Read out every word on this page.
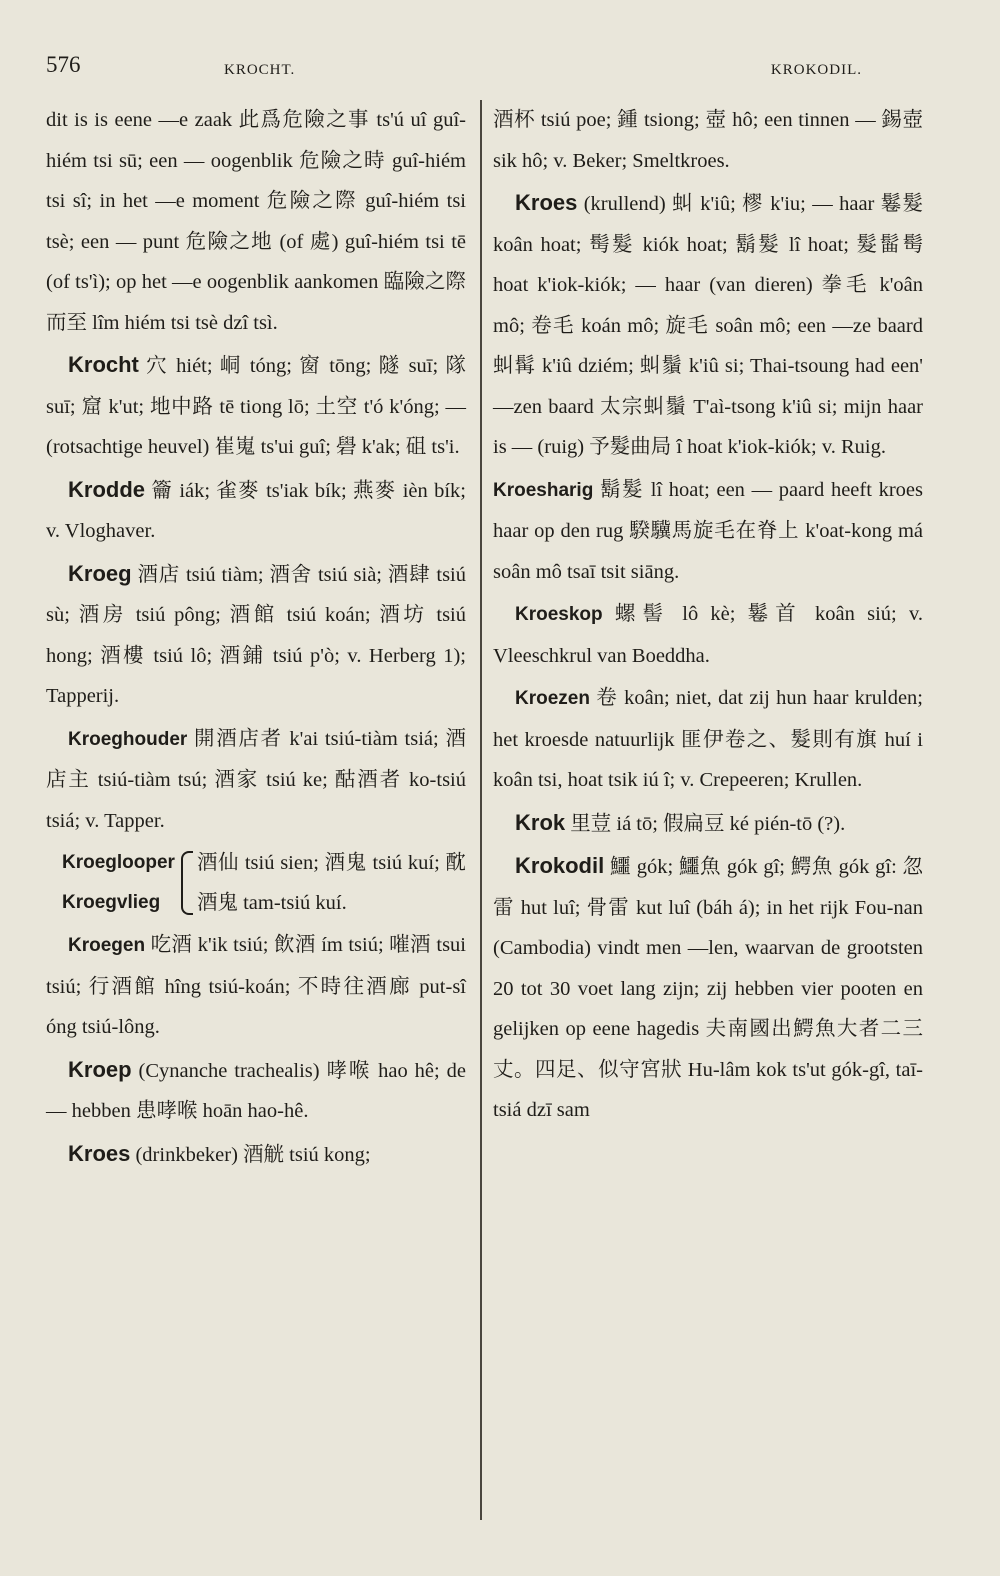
576	KROCHT.	KROKODIL.

dit is is eene —e zaak 此爲危險之事 ts'ú uî guî-hiém tsi sū; een — oogenblik 危險之時 guî-hiém tsi sî; in het —e moment 危險之際 guî-hiém tsi tsè; een — punt 危險之地 (of 處) guî-hiém tsi tē (of ts'ì); op het —e oogenblik aankomen 臨險之際而至 lîm hiém tsi tsè dzî tsì.

Krocht 穴 hiét; 峒 tóng; 窗 tōng; 隧 suī; 隊 suī; 窟 k'ut; 地中路 tē tiong lō; 土空 t'ó k'óng; — (rotsachtige heuvel) 崔嵬 ts'ui guî; 礐 k'ak; 砠 ts'i.

Krodde 籥 iák; 雀麥 ts'iak bík; 燕麥 ièn bík; v. Vloghaver.

Kroeg 酒店 tsiú tiàm; 酒舍 tsiú sià; 酒肆 tsiú sù; 酒房 tsiú pông; 酒館 tsiú koán; 酒坊 tsiú hong; 酒樓 tsiú lô; 酒鋪 tsiú p'ò; v. Herberg 1); Tapperij.

Kroeghouder 開酒店者 k'ai tsiú-tiàm tsiá; 酒店主 tsiú-tiàm tsú; 酒家 tsiú ke; 酤酒者 ko-tsiú tsiá; v. Tapper.

Kroeglooper
Kroegvlieg
酒仙 tsiú sien; 酒鬼 tsiú kuí; 酖酒鬼 tam-tsiú kuí.

Kroegen 吃酒 k'ik tsiú; 飲酒 ím tsiú; 嗺酒 tsui tsiú; 行酒館 hîng tsiú-koán; 不時往酒廊 put-sî óng tsiú-lông.

Kroep (Cynanche trachealis) 哮喉 hao hê; de — hebben 患哮喉 hoān hao-hê.

Kroes (drinkbeker) 酒觥 tsiú kong;

酒杯 tsiú poe; 鍾 tsiong; 壺 hô; een tinnen — 錫壺 sik hô; v. Beker; Smeltkroes.

Kroes (krullend) 虯 k'iû; 樛 k'iu; — haar 鬈髮 koân hoat; 髩髮 kiók hoat; 鬍髮 lî hoat; 髮髷髩 hoat k'iok-kiók; — haar (van dieren) 拳毛 k'oân mô; 卷毛 koán mô; 旋毛 soân mô; een —ze baard 虯髯 k'iû dziém; 虯鬚 k'iû si; Thai-tsoung had een' —zen baard 太宗虯鬚 T'aì-tsong k'iû si; mijn haar is — (ruig) 予髮曲局 î hoat k'iok-kiók; v. Ruig.

Kroesharig 鬍髮 lî hoat; een — paard heeft kroes haar op den rug 騤驥馬旋毛在脊上 k'oat-kong má soân mô tsaī tsit siāng.

Kroeskop 螺髻 lô kè; 鬈首 koân siú; v. Vleeschkrul van Boeddha.

Kroezen 卷 koân; niet, dat zij hun haar krulden; het kroesde natuurlijk 匪伊卷之、髮則有旗 huí i koân tsi, hoat tsik iú î; v. Crepeeren; Krullen.

Krok 里荳 iá tō; 假扁豆 ké pién-tō (?).

Krokodil 鱷 gók; 鱷魚 gók gî; 鰐魚 gók gî: 忽雷 hut luî; 骨雷 kut luî (báh á); in het rijk Fou-nan (Cambodia) vindt men —len, waarvan de grootsten 20 tot 30 voet lang zijn; zij hebben vier pooten en gelijken op eene hagedis 夫南國出鰐魚大者二三丈。四足、似守宮狀 Hu-lâm kok ts'ut gók-gî, taī-tsiá dzī sam
